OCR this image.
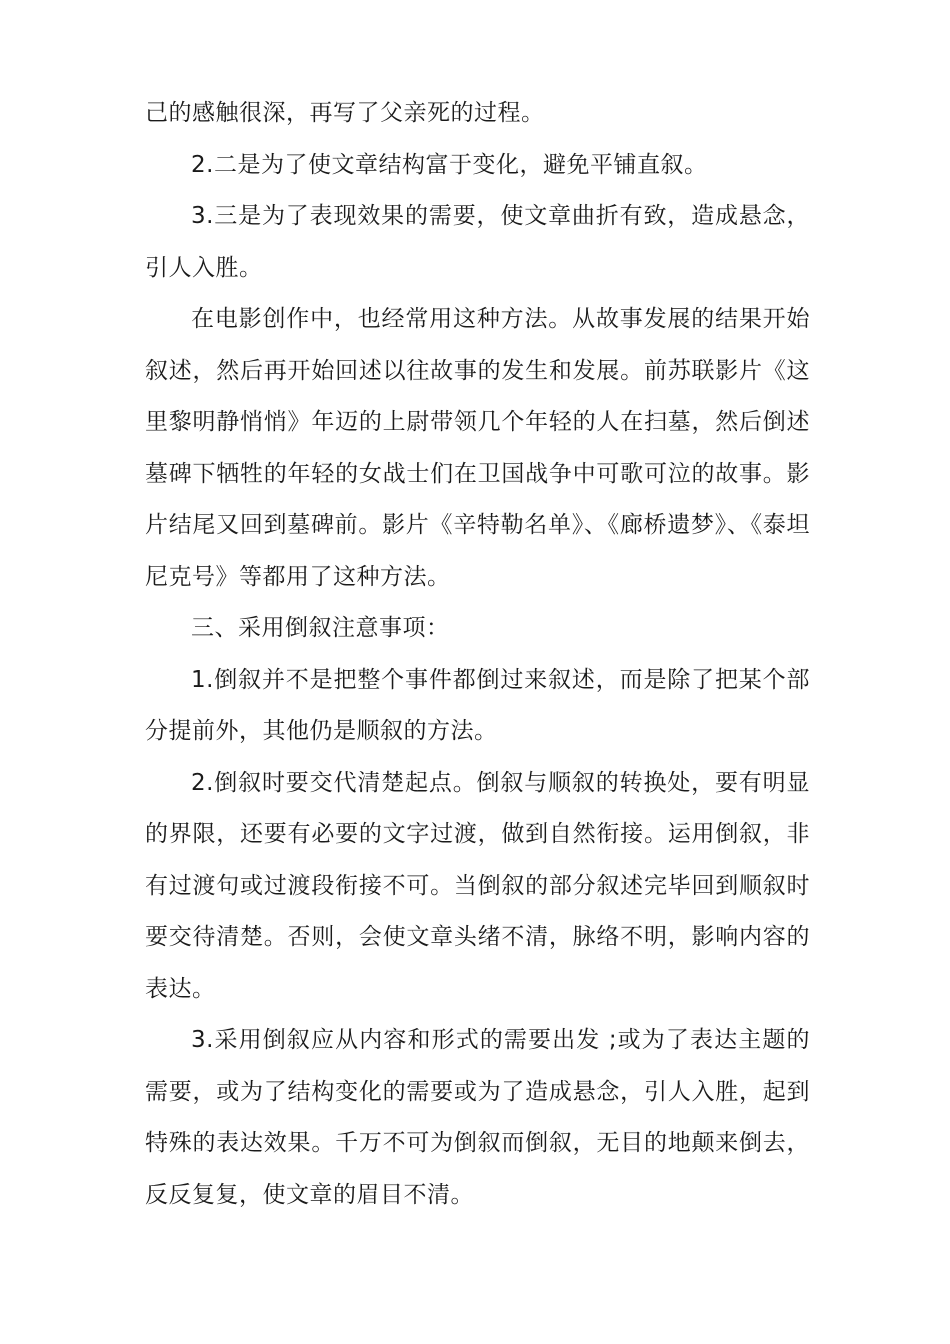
己的感触很深，再写了父亲死的过程。

2.二是为了使文章结构富于变化，避免平铺直叙。

3.三是为了表现效果的需要，使文章曲折有致，造成悬念，引人入胜。

在电影创作中，也经常用这种方法。从故事发展的结果开始叙述，然后再开始回述以往故事的发生和发展。前苏联影片《这里黎明静悄悄》年迈的上尉带领几个年轻的人在扫墓，然后倒述墓碑下牺牲的年轻的女战士们在卫国战争中可歌可泣的故事。影片结尾又回到墓碑前。影片《辛特勒名单》、《廊桥遗梦》、《泰坦尼克号》等都用了这种方法。

三、采用倒叙注意事项：

1.倒叙并不是把整个事件都倒过来叙述，而是除了把某个部分提前外，其他仍是顺叙的方法。

2.倒叙时要交代清楚起点。倒叙与顺叙的转换处，要有明显的界限，还要有必要的文字过渡，做到自然衔接。运用倒叙，非有过渡句或过渡段衔接不可。当倒叙的部分叙述完毕回到顺叙时要交待清楚。否则，会使文章头绪不清，脉络不明，影响内容的表达。

3.采用倒叙应从内容和形式的需要出发 ;或为了表达主题的需要，或为了结构变化的需要或为了造成悬念，引人入胜，起到特殊的表达效果。千万不可为倒叙而倒叙，无目的地颠来倒去，反反复复，使文章的眉目不清。
